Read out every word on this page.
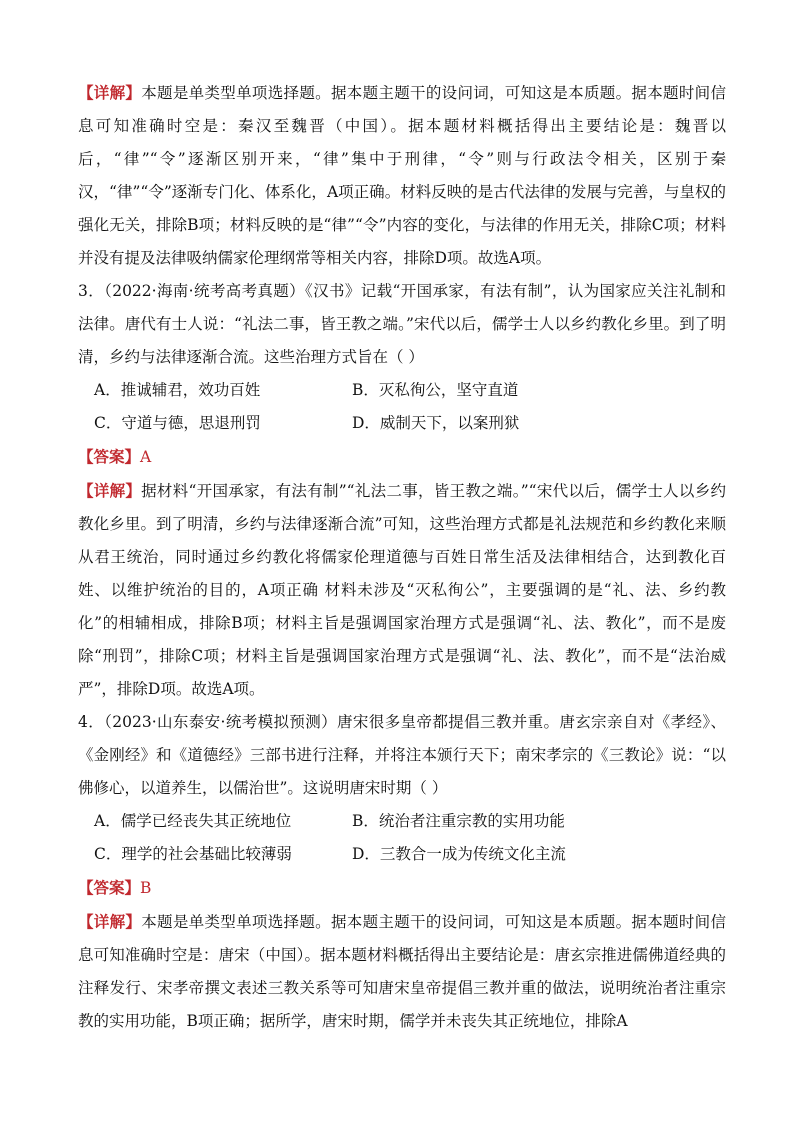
【详解】本题是单类型单项选择题。据本题主题干的设问词，可知这是本质题。据本题时间信息可知准确时空是：秦汉至魏晋（中国）。据本题材料概括得出主要结论是：魏晋以后，“律”“令”逐渐区别开来，“律”集中于刑律，“令”则与行政法令相关，区别于秦汉，“律”“令”逐渐专门化、体系化，A项正确。材料反映的是古代法律的发展与完善，与皇权的强化无关，排除B项；材料反映的是“律”“令”内容的变化，与法律的作用无关，排除C项；材料并没有提及法律吸纳儒家伦理纲常等相关内容，排除D项。故选A项。

3．（2022·海南·统考高考真题）《汉书》记载“开国承家，有法有制”，认为国家应关注礼制和法律。唐代有士人说：“礼法二事，皆王教之端。”宋代以后，儒学士人以乡约教化乡里。到了明清，乡约与法律逐渐合流。这些治理方式旨在（ ）

A．推诚辅君，效功百姓	B．灭私徇公，坚守直道
C．守道与德，思退刑罚	D．威制天下，以案刑狱

【答案】A

【详解】据材料“开国承家，有法有制”“礼法二事，皆王教之端。”“宋代以后，儒学士人以乡约教化乡里。到了明清，乡约与法律逐渐合流”可知，这些治理方式都是礼法规范和乡约教化来顺从君王统治，同时通过乡约教化将儒家伦理道德与百姓日常生活及法律相结合，达到教化百姓、以维护统治的目的，A项正确 材料未涉及“灭私徇公”，主要强调的是“礼、法、乡约教化”的相辅相成，排除B项；材料主旨是强调国家治理方式是强调“礼、法、教化”，而不是废除“刑罚”，排除C项；材料主旨是强调国家治理方式是强调“礼、法、教化”，而不是“法治威严”，排除D项。故选A项。

4．（2023·山东泰安·统考模拟预测）唐宋很多皇帝都提倡三教并重。唐玄宗亲自对《孝经》、《金刚经》和《道德经》三部书进行注释，并将注本颁行天下；南宋孝宗的《三教论》说：“以佛修心，以道养生，以儒治世”。这说明唐宋时期（ ）

A．儒学已经丧失其正统地位	B．统治者注重宗教的实用功能
C．理学的社会基础比较薄弱	D．三教合一成为传统文化主流

【答案】B

【详解】本题是单类型单项选择题。据本题主题干的设问词，可知这是本质题。据本题时间信息可知准确时空是：唐宋（中国）。据本题材料概括得出主要结论是：唐玄宗推进儒佛道经典的注释发行、宋孝帝撰文表述三教关系等可知唐宋皇帝提倡三教并重的做法，说明统治者注重宗教的实用功能，B项正确；据所学，唐宋时期，儒学并未丧失其正统地位，排除A
